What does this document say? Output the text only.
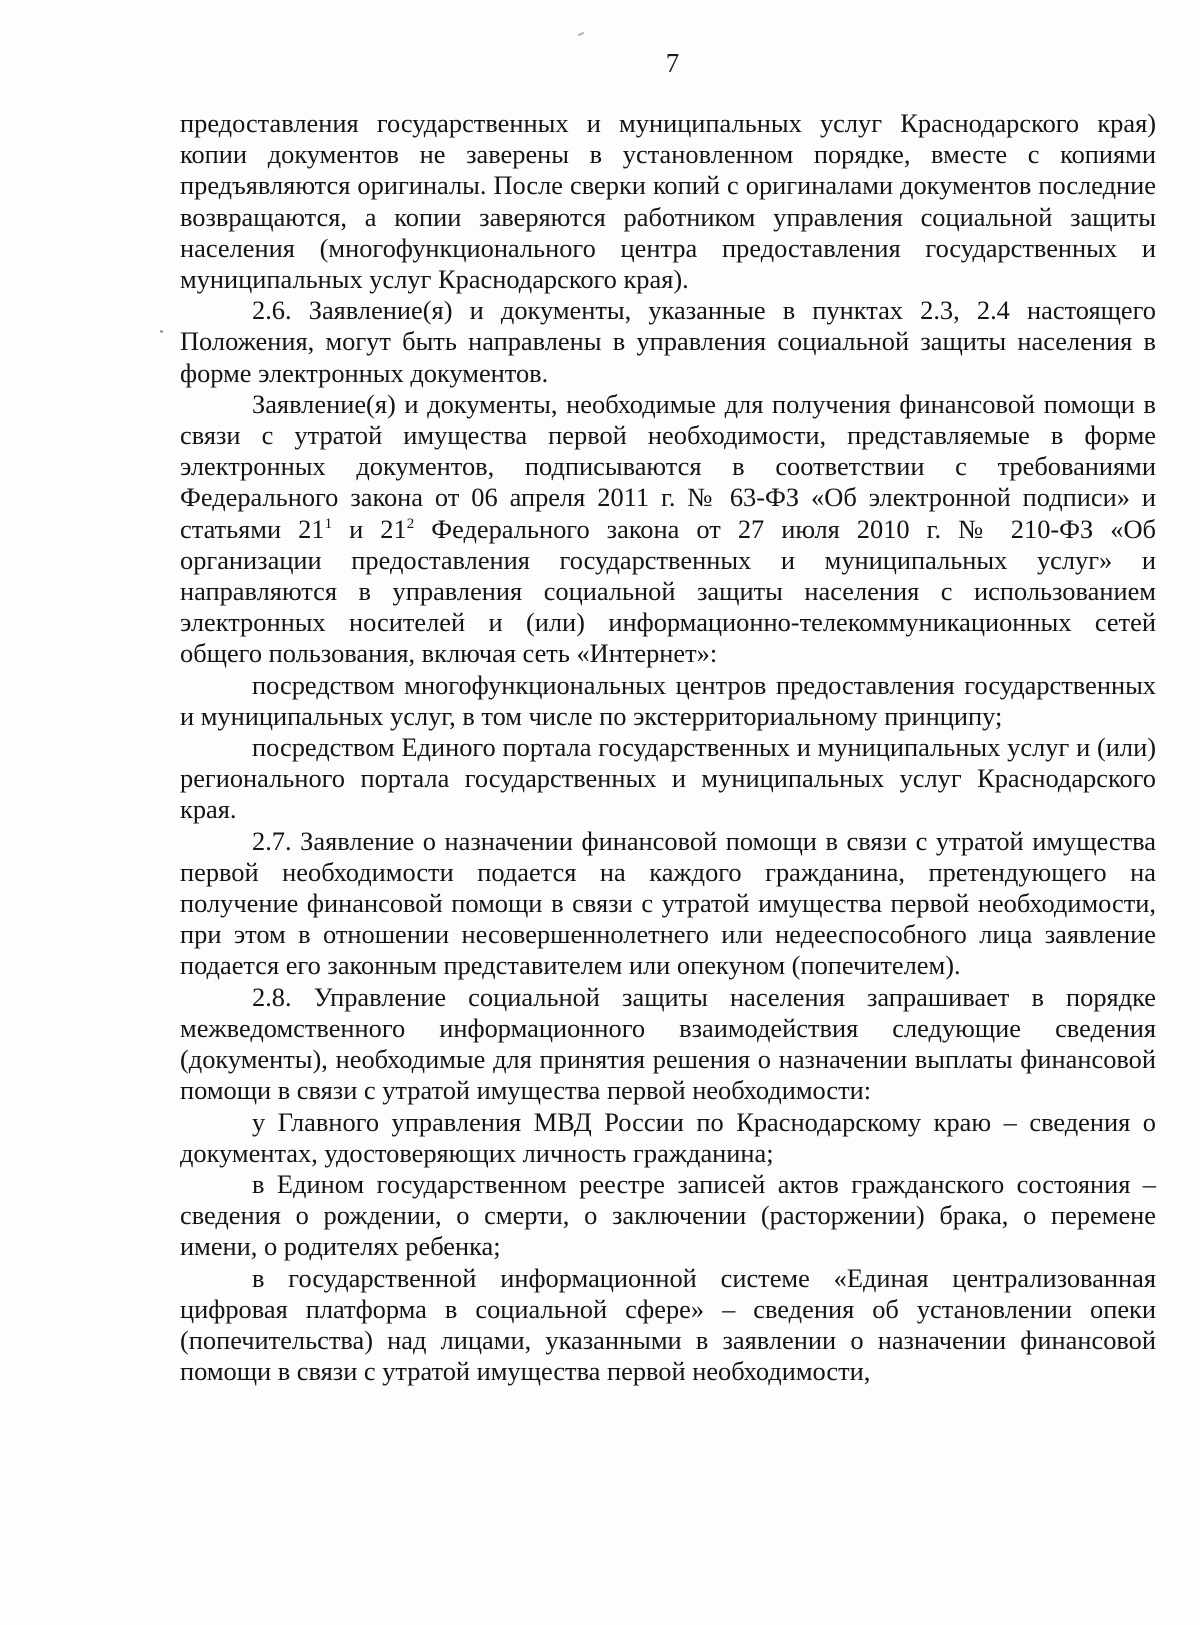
7

предоставления государственных и муниципальных услуг Краснодарского края) копии документов не заверены в установленном порядке, вместе с копиями предъявляются оригиналы. После сверки копий с оригиналами документов последние возвращаются, а копии заверяются работником управления социальной защиты населения (многофункционального центра предоставления государственных и муниципальных услуг Краснодарского края).

2.6. Заявление(я) и документы, указанные в пунктах 2.3, 2.4 настоящего Положения, могут быть направлены в управления социальной защиты населения в форме электронных документов.

Заявление(я) и документы, необходимые для получения финансовой помощи в связи с утратой имущества первой необходимости, представляемые в форме электронных документов, подписываются в соответствии с требованиями Федерального закона от 06 апреля 2011 г. № 63-ФЗ «Об электронной подписи» и статьями $21^1$ и $21^2$ Федерального закона от 27 июля 2010 г. № 210-ФЗ «Об организации предоставления государственных и муниципальных услуг» и направляются в управления социальной защиты населения с использованием электронных носителей и (или) информационно-телекоммуникационных сетей общего пользования, включая сеть «Интернет»:

посредством многофункциональных центров предоставления государственных и муниципальных услуг, в том числе по экстерриториальному принципу;

посредством Единого портала государственных и муниципальных услуг и (или) регионального портала государственных и муниципальных услуг Краснодарского края.

2.7. Заявление о назначении финансовой помощи в связи с утратой имущества первой необходимости подается на каждого гражданина, претендующего на получение финансовой помощи в связи с утратой имущества первой необходимости, при этом в отношении несовершеннолетнего или недееспособного лица заявление подается его законным представителем или опекуном (попечителем).

2.8. Управление социальной защиты населения запрашивает в порядке межведомственного информационного взаимодействия следующие сведения (документы), необходимые для принятия решения о назначении выплаты финансовой помощи в связи с утратой имущества первой необходимости:

у Главного управления МВД России по Краснодарскому краю – сведения о документах, удостоверяющих личность гражданина;

в Едином государственном реестре записей актов гражданского состояния – сведения о рождении, о смерти, о заключении (расторжении) брака, о перемене имени, о родителях ребенка;

в государственной информационной системе «Единая централизованная цифровая платформа в социальной сфере» – сведения об установлении опеки (попечительства) над лицами, указанными в заявлении о назначении финансовой помощи в связи с утратой имущества первой необходимости,
